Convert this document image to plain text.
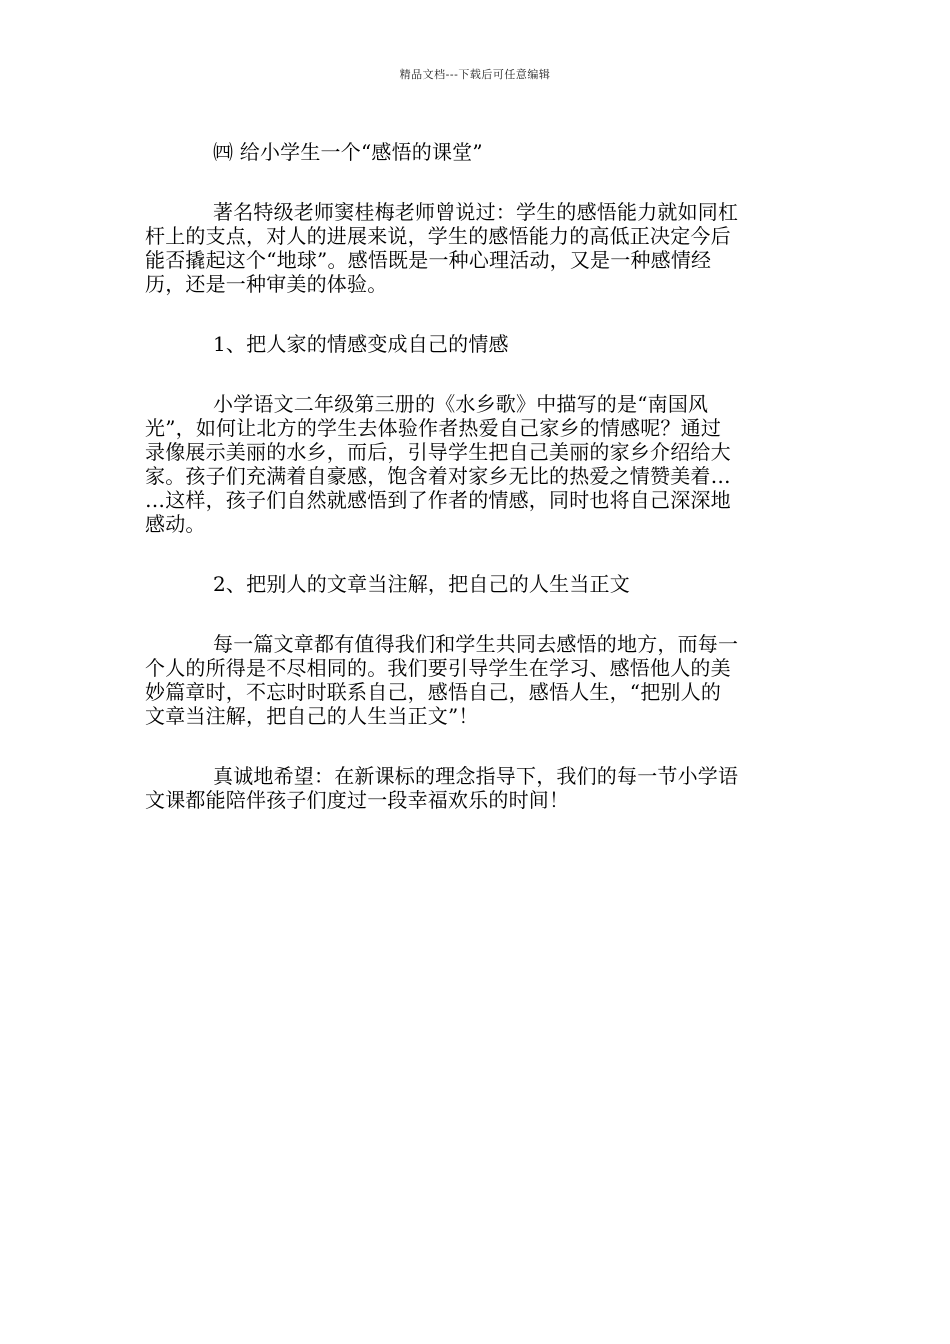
精品文档---下载后可任意编辑
㈣ 给小学生一个“感悟的课堂”
著名特级老师窦桂梅老师曾说过：学生的感悟能力就如同杠
杆上的支点，对人的进展来说，学生的感悟能力的高低正决定今后
能否撬起这个“地球”。感悟既是一种心理活动，又是一种感情经
历，还是一种审美的体验。
1、把人家的情感变成自己的情感
小学语文二年级第三册的《水乡歌》中描写的是“南国风
光”，如何让北方的学生去体验作者热爱自己家乡的情感呢？通过
录像展示美丽的水乡，而后，引导学生把自己美丽的家乡介绍给大
家。孩子们充满着自豪感，饱含着对家乡无比的热爱之情赞美着…
…这样，孩子们自然就感悟到了作者的情感，同时也将自己深深地
感动。
2、把别人的文章当注解，把自己的人生当正文
每一篇文章都有值得我们和学生共同去感悟的地方，而每一
个人的所得是不尽相同的。我们要引导学生在学习、感悟他人的美
妙篇章时，不忘时时联系自己，感悟自己，感悟人生，“把别人的
文章当注解，把自己的人生当正文”！
真诚地希望：在新课标的理念指导下，我们的每一节小学语
文课都能陪伴孩子们度过一段幸福欢乐的时间！
